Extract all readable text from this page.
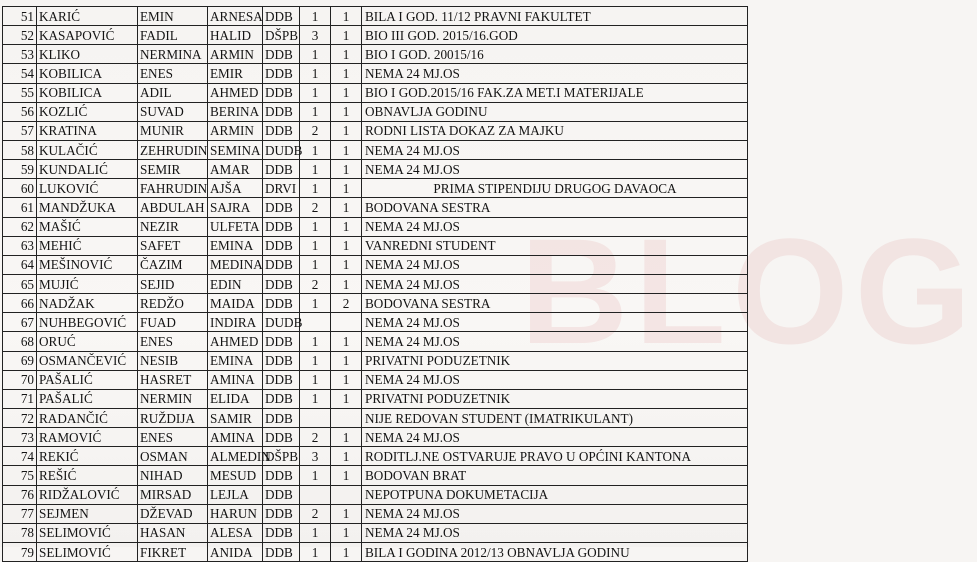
BLOG
51	KARIĆ	EMIN	ARNESA	DDB	1	1	BILA I GOD. 11/12 PRAVNI FAKULTET
52	KASAPOVIĆ	FADIL	HALID	DŠPB	3	1	BIO III GOD. 2015/16.GOD
53	KLIKO	NERMINA	ARMIN	DDB	1	1	BIO I GOD. 20015/16
54	KOBILICA	ENES	EMIR	DDB	1	1	NEMA 24 MJ.OS
55	KOBILICA	ADIL	AHMED	DDB	1	1	BIO I GOD.2015/16 FAK.ZA MET.I MATERIJALE
56	KOZLIĆ	SUVAD	BERINA	DDB	1	1	OBNAVLJA GODINU
57	KRATINA	MUNIR	ARMIN	DDB	2	1	RODNI LISTA DOKAZ ZA MAJKU
58	KULAČIĆ	ZEHRUDIN	SEMINA	DUDB	1	1	NEMA 24 MJ.OS
59	KUNDALIĆ	SEMIR	AMAR	DDB	1	1	NEMA 24 MJ.OS
60	LUKOVIĆ	FAHRUDIN	AJŠA	DRVI	1	1	PRIMA STIPENDIJU DRUGOG DAVAOCA
61	MANDŽUKA	ABDULAH	SAJRA	DDB	2	1	BODOVANA SESTRA
62	MAŠIĆ	NEZIR	ULFETA	DDB	1	1	NEMA 24 MJ.OS
63	MEHIĆ	SAFET	EMINA	DDB	1	1	VANREDNI STUDENT
64	MEŠINOVIĆ	ČAZIM	MEDINA	DDB	1	1	NEMA 24 MJ.OS
65	MUJIĆ	SEJID	EDIN	DDB	2	1	NEMA 24 MJ.OS
66	NADŽAK	REDŽO	MAIDA	DDB	1	2	BODOVANA SESTRA
67	NUHBEGOVIĆ	FUAD	INDIRA	DUDB			NEMA 24 MJ.OS
68	ORUĆ	ENES	AHMED	DDB	1	1	NEMA 24 MJ.OS
69	OSMANČEVIĆ	NESIB	EMINA	DDB	1	1	PRIVATNI PODUZETNIK
70	PAŠALIĆ	HASRET	AMINA	DDB	1	1	NEMA 24 MJ.OS
71	PAŠALIĆ	NERMIN	ELIDA	DDB	1	1	PRIVATNI PODUZETNIK
72	RADANČIĆ	RUŽDIJA	SAMIR	DDB			NIJE REDOVAN STUDENT (IMATRIKULANT)
73	RAMOVIĆ	ENES	AMINA	DDB	2	1	NEMA 24 MJ.OS
74	REKIĆ	OSMAN	ALMEDIN	DŠPB	3	1	RODITLJ.NE OSTVARUJE PRAVO U OPĆINI KANTONA
75	REŠIĆ	NIHAD	MESUD	DDB	1	1	BODOVAN BRAT
76	RIDŽALOVIĆ	MIRSAD	LEJLA	DDB			NEPOTPUNA DOKUMETACIJA
77	SEJMEN	DŽEVAD	HARUN	DDB	2	1	NEMA 24 MJ.OS
78	SELIMOVIĆ	HASAN	ALESA	DDB	1	1	NEMA 24 MJ.OS
79	SELIMOVIĆ	FIKRET	ANIDA	DDB	1	1	BILA I GODINA 2012/13 OBNAVLJA GODINU
